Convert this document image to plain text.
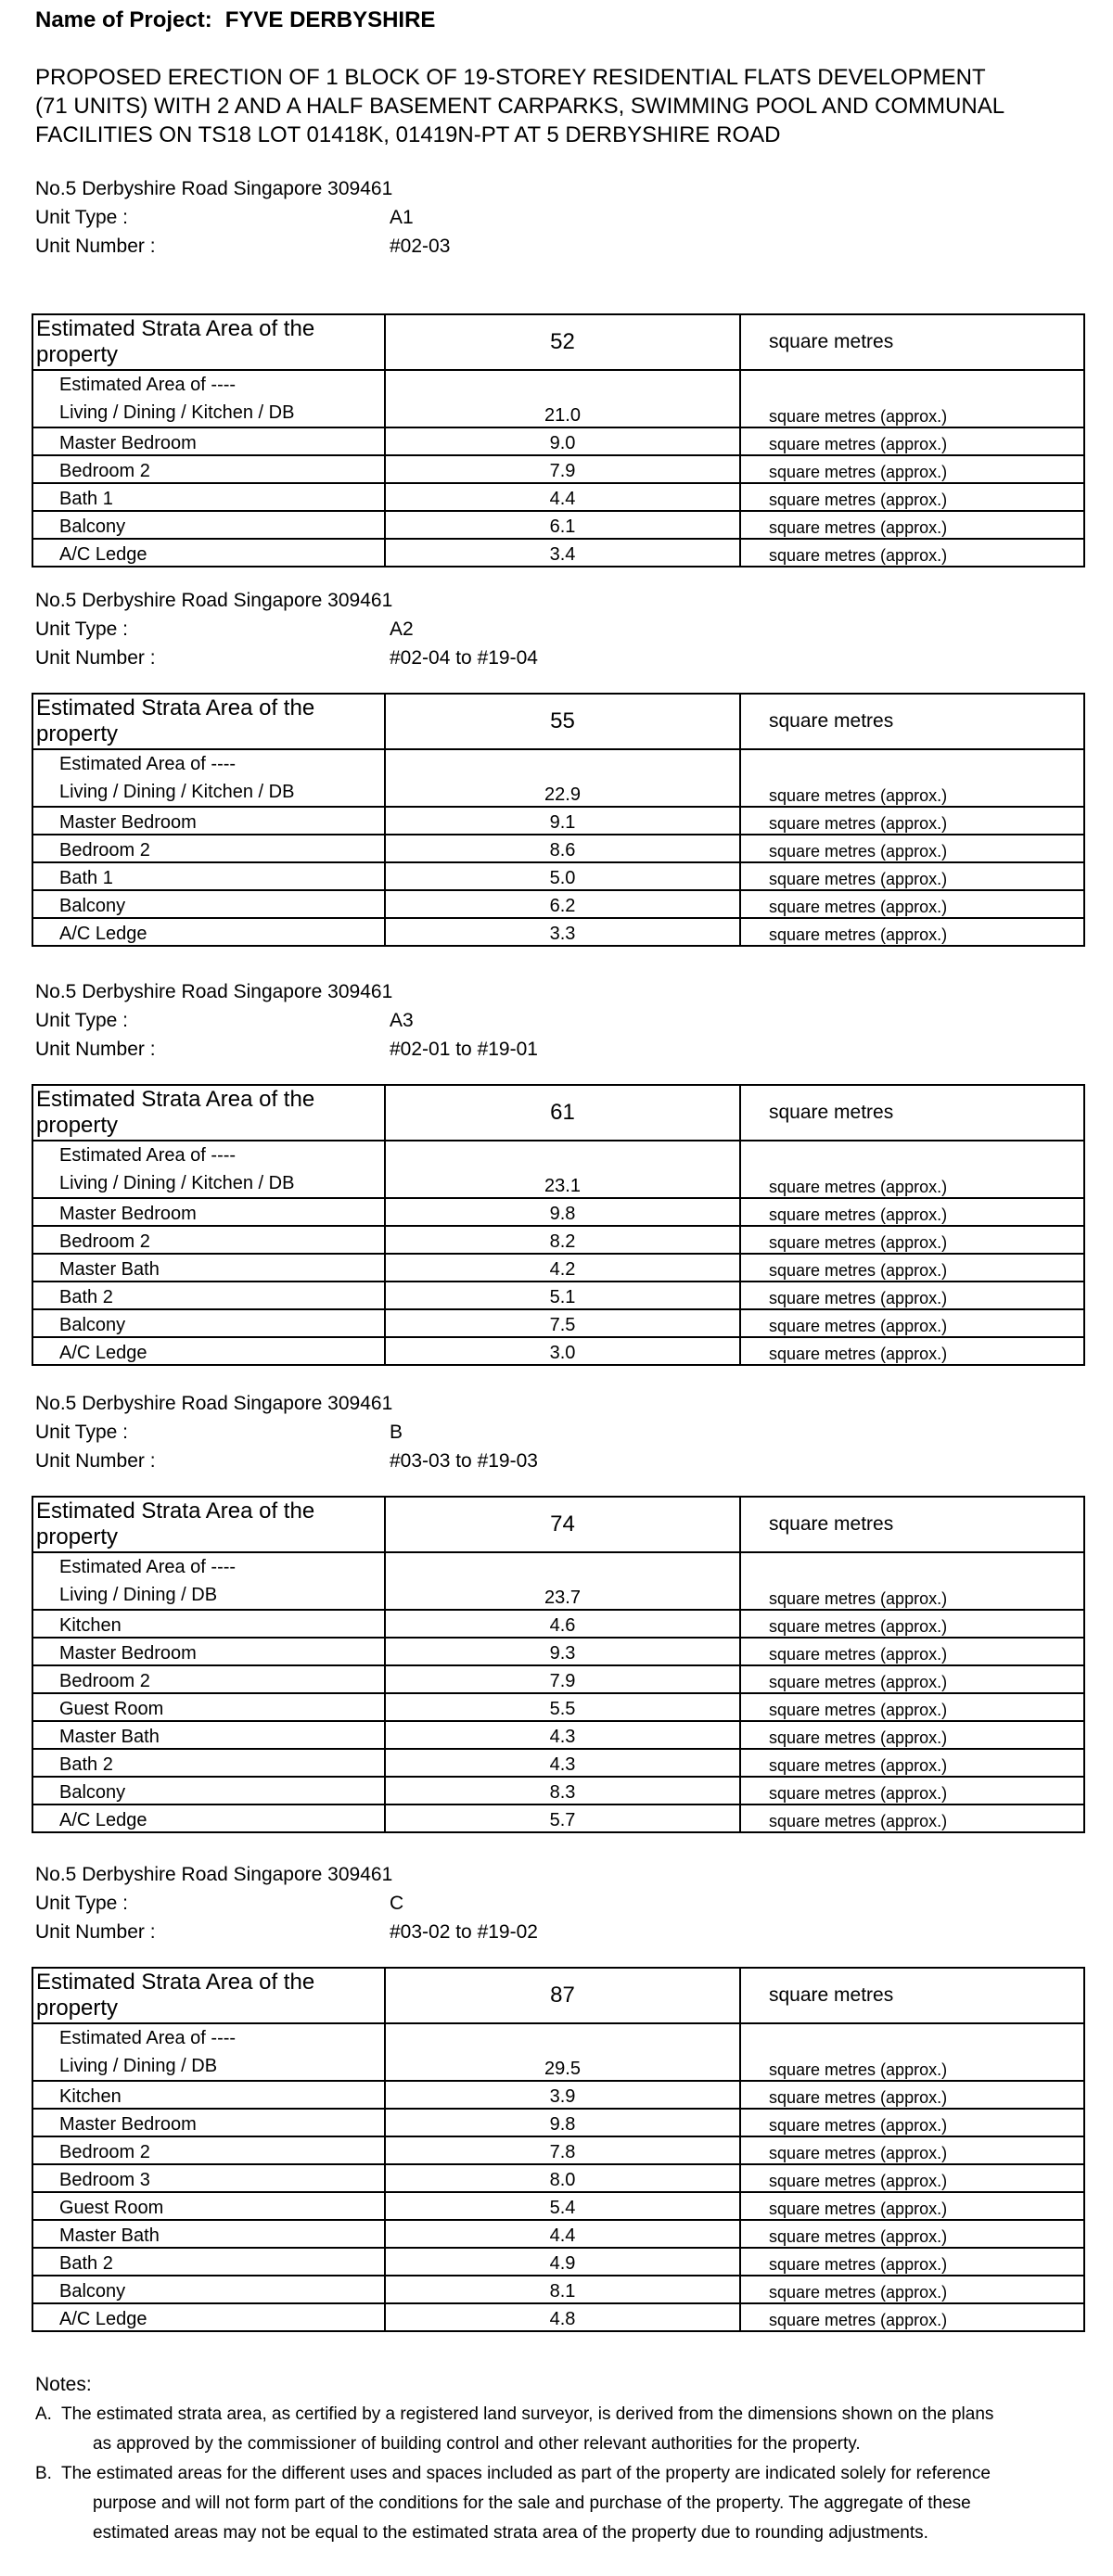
Name of Project: FYVE DERBYSHIRE
PROPOSED ERECTION OF 1 BLOCK OF 19-STOREY RESIDENTIAL FLATS DEVELOPMENT
(71 UNITS) WITH 2 AND A HALF BASEMENT CARPARKS, SWIMMING POOL AND COMMUNAL
FACILITIES ON TS18 LOT 01418K, 01419N-PT AT 5 DERBYSHIRE ROAD
No.5 Derbyshire Road Singapore 309461
Unit Type :	A1
Unit Number :	#02-03
Estimated Strata Area of the
property	52	square metres

Estimated Area of ----
Living / Dining / Kitchen / DB	21.0	square metres (approx.)

Master Bedroom	9.0	square metres (approx.)

Bedroom 2	7.9	square metres (approx.)

Bath 1	4.4	square metres (approx.)

Balcony	6.1	square metres (approx.)

A/C Ledge	3.4	square metres (approx.)
No.5 Derbyshire Road Singapore 309461
Unit Type :	A2
Unit Number :	#02-04 to #19-04
Estimated Strata Area of the
property	55	square metres

Estimated Area of ----
Living / Dining / Kitchen / DB	22.9	square metres (approx.)

Master Bedroom	9.1	square metres (approx.)

Bedroom 2	8.6	square metres (approx.)

Bath 1	5.0	square metres (approx.)

Balcony	6.2	square metres (approx.)

A/C Ledge	3.3	square metres (approx.)
No.5 Derbyshire Road Singapore 309461
Unit Type :	A3
Unit Number :	#02-01 to #19-01
Estimated Strata Area of the
property	61	square metres

Estimated Area of ----
Living / Dining / Kitchen / DB	23.1	square metres (approx.)

Master Bedroom	9.8	square metres (approx.)

Bedroom 2	8.2	square metres (approx.)

Master Bath	4.2	square metres (approx.)

Bath 2	5.1	square metres (approx.)

Balcony	7.5	square metres (approx.)

A/C Ledge	3.0	square metres (approx.)
No.5 Derbyshire Road Singapore 309461
Unit Type :	B
Unit Number :	#03-03 to #19-03
Estimated Strata Area of the
property	74	square metres

Estimated Area of ----
Living / Dining / DB	23.7	square metres (approx.)

Kitchen	4.6	square metres (approx.)

Master Bedroom	9.3	square metres (approx.)

Bedroom 2	7.9	square metres (approx.)

Guest Room	5.5	square metres (approx.)

Master Bath	4.3	square metres (approx.)

Bath 2	4.3	square metres (approx.)

Balcony	8.3	square metres (approx.)

A/C Ledge	5.7	square metres (approx.)
No.5 Derbyshire Road Singapore 309461
Unit Type :	C
Unit Number :	#03-02 to #19-02
Estimated Strata Area of the
property	87	square metres

Estimated Area of ----
Living / Dining / DB	29.5	square metres (approx.)

Kitchen	3.9	square metres (approx.)

Master Bedroom	9.8	square metres (approx.)

Bedroom 2	7.8	square metres (approx.)

Bedroom 3	8.0	square metres (approx.)

Guest Room	5.4	square metres (approx.)

Master Bath	4.4	square metres (approx.)

Bath 2	4.9	square metres (approx.)

Balcony	8.1	square metres (approx.)

A/C Ledge	4.8	square metres (approx.)
Notes:
A. The estimated strata area, as certified by a registered land surveyor, is derived from the dimensions shown on the plans
as approved by the commissioner of building control and other relevant authorities for the property.
B. The estimated areas for the different uses and spaces included as part of the property are indicated solely for reference
purpose and will not form part of the conditions for the sale and purchase of the property. The aggregate of these
estimated areas may not be equal to the estimated strata area of the property due to rounding adjustments.
